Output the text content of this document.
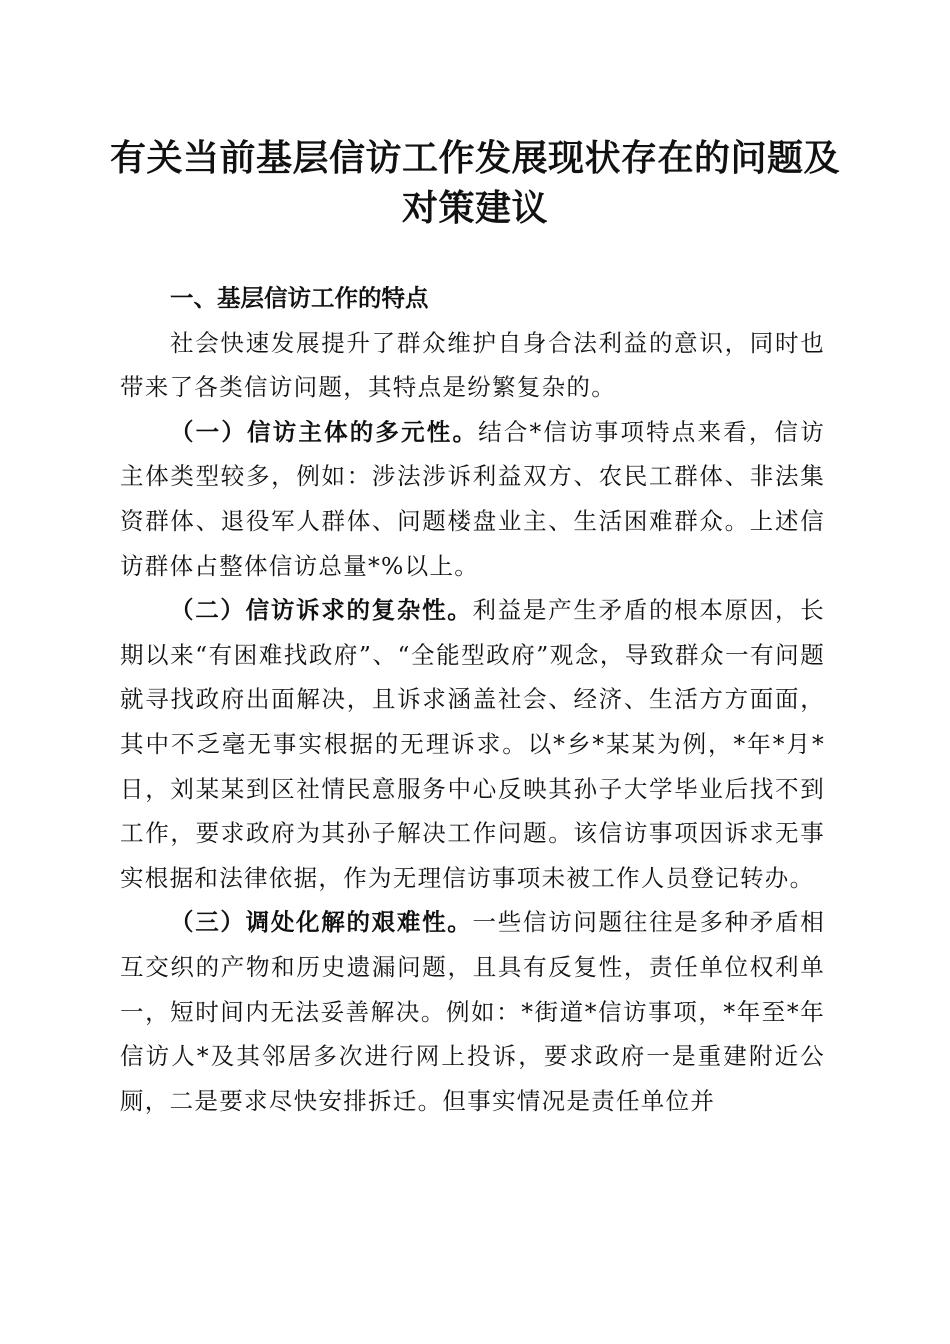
有关当前基层信访工作发展现状存在的问题及对策建议

一、基层信访工作的特点

社会快速发展提升了群众维护自身合法利益的意识，同时也带来了各类信访问题，其特点是纷繁复杂的。

（一）信访主体的多元性。结合*信访事项特点来看，信访主体类型较多，例如：涉法涉诉利益双方、农民工群体、非法集资群体、退役军人群体、问题楼盘业主、生活困难群众。上述信访群体占整体信访总量*%以上。

（二）信访诉求的复杂性。利益是产生矛盾的根本原因，长期以来“有困难找政府”、“全能型政府”观念，导致群众一有问题就寻找政府出面解决，且诉求涵盖社会、经济、生活方方面面，其中不乏毫无事实根据的无理诉求。以*乡*某某为例，*年*月*日，刘某某到区社情民意服务中心反映其孙子大学毕业后找不到工作，要求政府为其孙子解决工作问题。该信访事项因诉求无事实根据和法律依据，作为无理信访事项未被工作人员登记转办。

（三）调处化解的艰难性。一些信访问题往往是多种矛盾相互交织的产物和历史遗漏问题，且具有反复性，责任单位权利单一，短时间内无法妥善解决。例如：*街道*信访事项，*年至*年信访人*及其邻居多次进行网上投诉，要求政府一是重建附近公厕，二是要求尽快安排拆迁。但事实情况是责任单位并
